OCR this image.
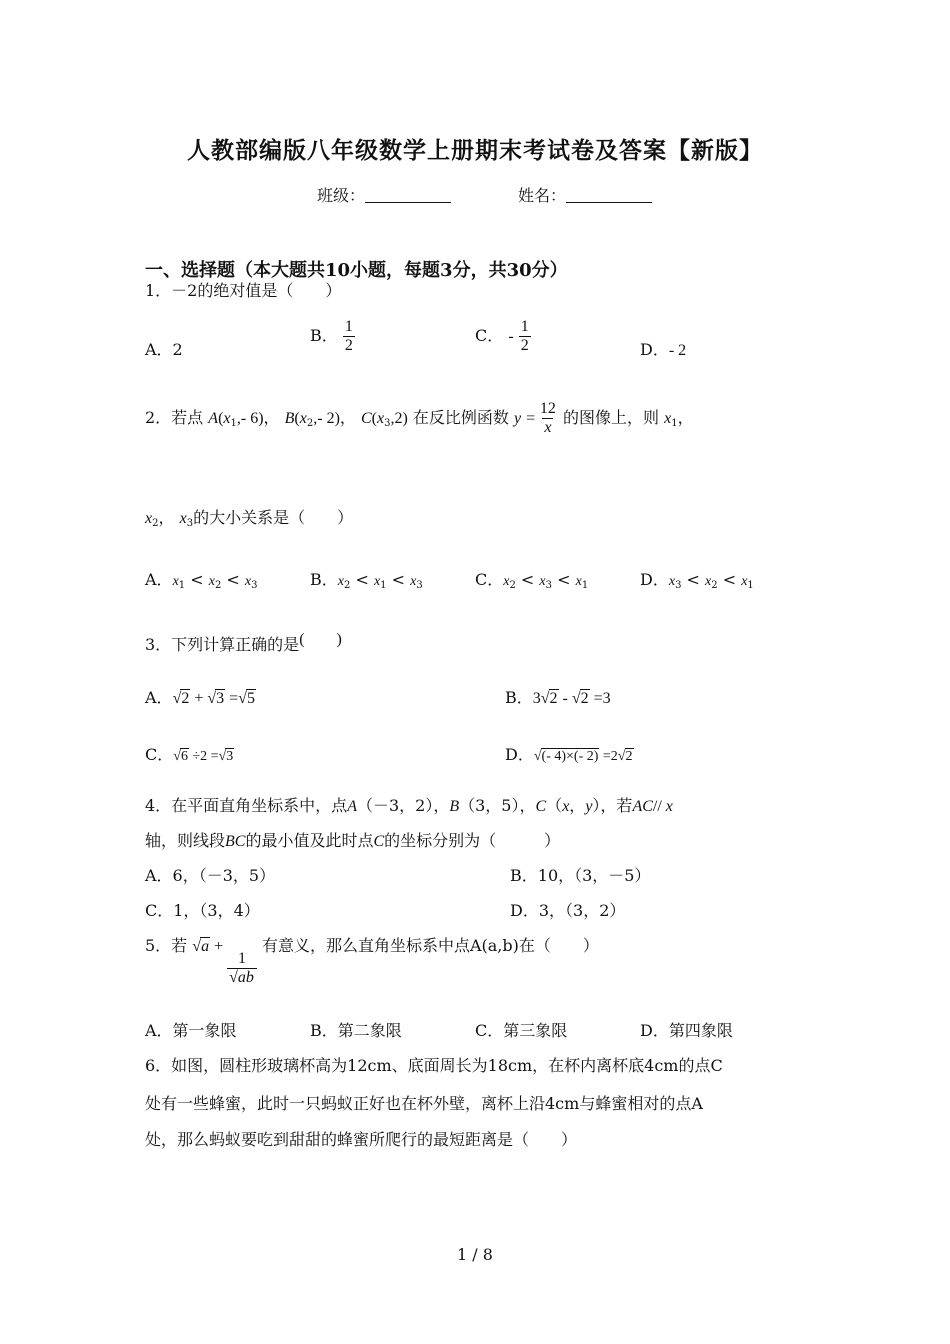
人教部编版八年级数学上册期末考试卷及答案【新版】
班级：	姓名：
一、选择题（本大题共10小题，每题3分，共30分）
1．－2的绝对值是（　　）
A．2
B． $\frac{1}{2}$	C． - $\frac{1}{2}$	D．- 2
2．若点 $A(x_1,-$ 6)， $B(x_2,-$ 2)， $C(x_3,2)$ 在反比例函数 $y = \frac{12}{x}$ 的图像上，则 $x_1$，
$x_2$， $x_3$的大小关系是（　　）
A．$x_1 < x_2 < x_3$	B．$x_2 < x_1 < x_3$	C．$x_2 < x_3 < x_1$	D．$x_3 < x_2 < x_1$
3．下列计算正确的是(　　)
A．√2 + √3 =√5	B．3√2 - √2 =3
C．√6 ÷2 =√3	D．√(- 4)×(- 2) =2√2
4．在平面直角坐标系中，点A（－3，2），B（3，5），C（x，y），若AC// x
轴，则线段BC的最小值及此时点C的坐标分别为（　　　）
A．6，（－3，5）	B．10，（3，－5）
C．1，（3，4）	D．3，（3，2）
5．若 √a +
$\frac{1}{√ab}$
有意义，那么直角坐标系中点A(a,b)在（　　）
A．第一象限	B．第二象限	C．第三象限	D．第四象限
6．如图，圆柱形玻璃杯高为12cm、底面周长为18cm，在杯内离杯底4cm的点C
处有一些蜂蜜，此时一只蚂蚁正好也在杯外壁，离杯上沿4cm与蜂蜜相对的点A
处，那么蚂蚁要吃到甜甜的蜂蜜所爬行的最短距离是（　　）
1 / 8
